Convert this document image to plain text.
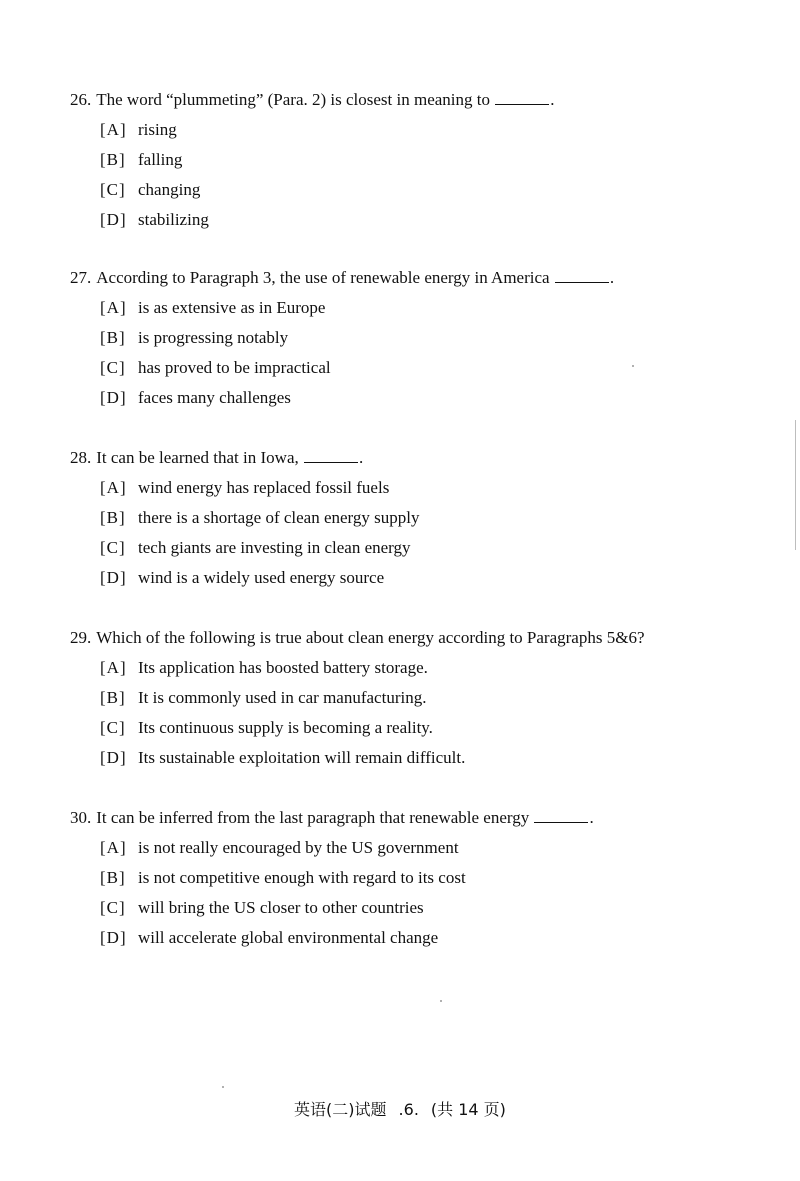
26. The word “plummeting” (Para. 2) is closest in meaning to	.
[A] rising
[B] falling
[C] changing
[D] stabilizing
27. According to Paragraph 3, the use of renewable energy in America	.
[A] is as extensive as in Europe
[B] is progressing notably
[C] has proved to be impractical
[D] faces many challenges
28. It can be learned that in Iowa,	.
[A] wind energy has replaced fossil fuels
[B] there is a shortage of clean energy supply
[C] tech giants are investing in clean energy
[D] wind is a widely used energy source
29. Which of the following is true about clean energy according to Paragraphs 5&6?
[A] Its application has boosted battery storage.
[B] It is commonly used in car manufacturing.
[C] Its continuous supply is becoming a reality.
[D] Its sustainable exploitation will remain difficult.
30. It can be inferred from the last paragraph that renewable energy	.
[A] is not really encouraged by the US government
[B] is not competitive enough with regard to its cost
[C] will bring the US closer to other countries
[D] will accelerate global environmental change
英语(二)试题 .6. (共 14 页)
